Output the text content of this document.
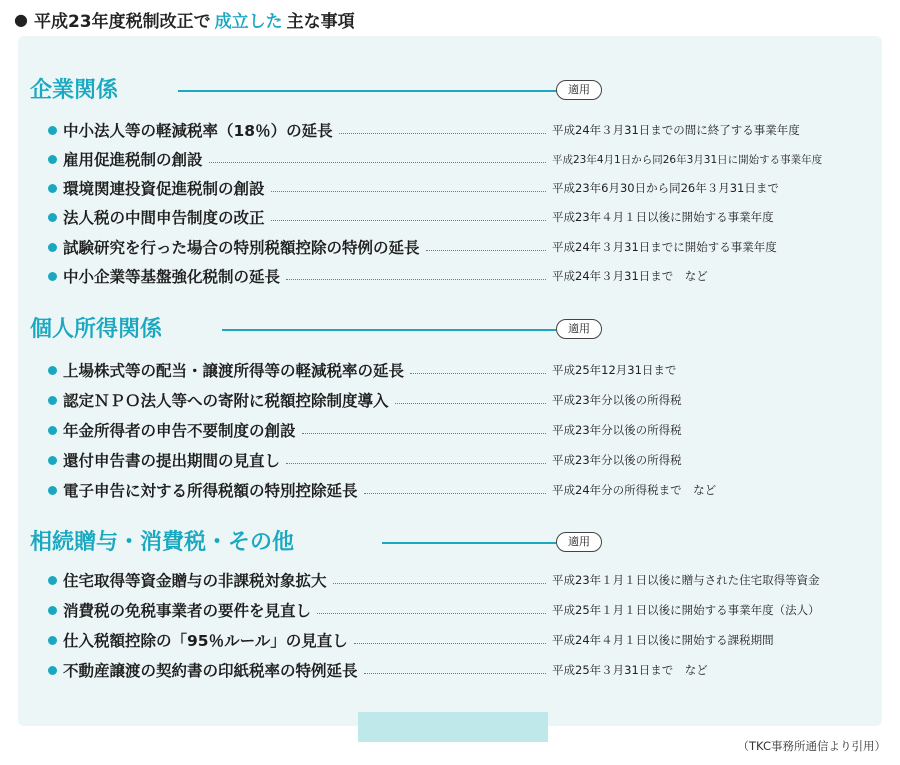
● 平成23年度税制改正で 成立した 主な事項
企業関係	適用
中小法人等の軽減税率（18％）の延長	平成24年３月31日までの間に終了する事業年度
雇用促進税制の創設	平成23年4月1日から同26年3月31日に開始する事業年度
環境関連投資促進税制の創設	平成23年6月30日から同26年３月31日まで
法人税の中間申告制度の改正	平成23年４月１日以後に開始する事業年度
試験研究を行った場合の特別税額控除の特例の延長	平成24年３月31日までに開始する事業年度
中小企業等基盤強化税制の延長	平成24年３月31日まで　など
個人所得関係	適用
上場株式等の配当・譲渡所得等の軽減税率の延長	平成25年12月31日まで
認定ＮＰＯ法人等への寄附に税額控除制度導入	平成23年分以後の所得税
年金所得者の申告不要制度の創設	平成23年分以後の所得税
還付申告書の提出期間の見直し	平成23年分以後の所得税
電子申告に対する所得税額の特別控除延長	平成24年分の所得税まで　など
相続贈与・消費税・その他	適用
住宅取得等資金贈与の非課税対象拡大	平成23年１月１日以後に贈与された住宅取得等資金
消費税の免税事業者の要件を見直し	平成25年１月１日以後に開始する事業年度（法人）
仕入税額控除の「95％ルール」の見直し	平成24年４月１日以後に開始する課税期間
不動産譲渡の契約書の印紙税率の特例延長	平成25年３月31日まで　など
（TKC事務所通信より引用）
